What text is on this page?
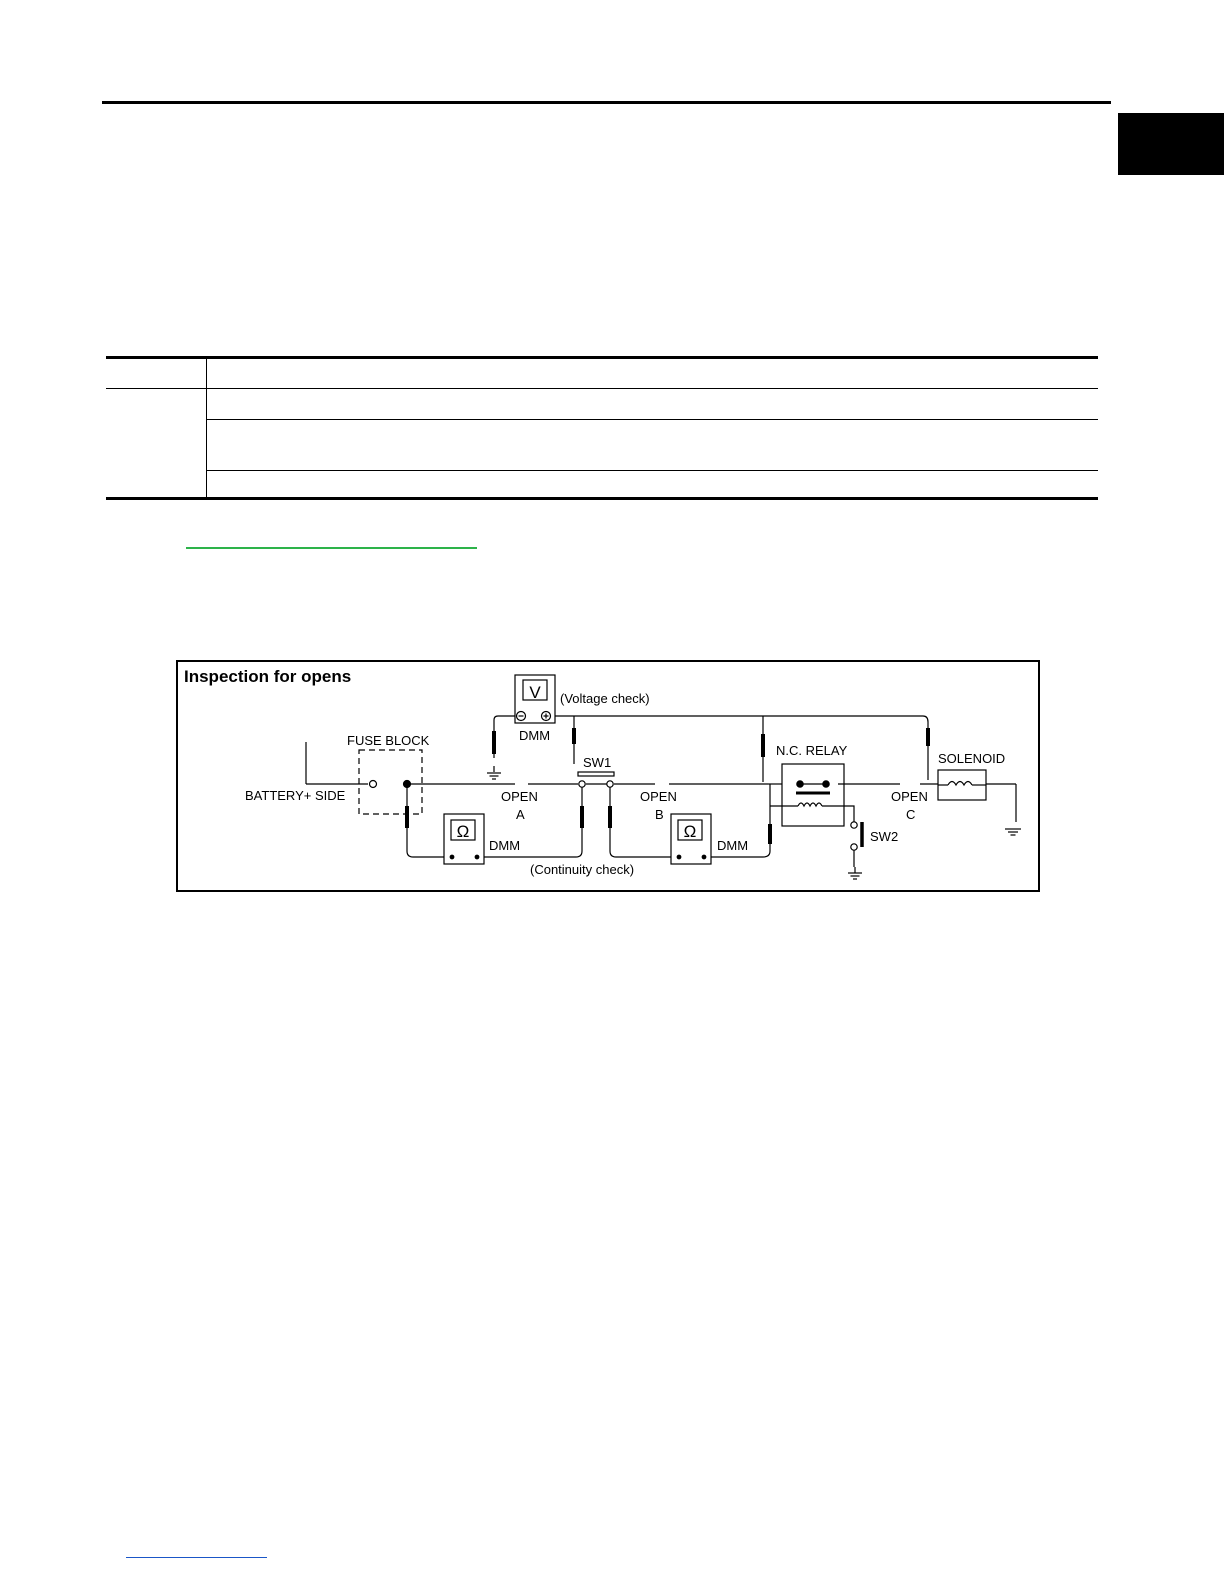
Inspection for opens
V
Ω	Ω
(Voltage check)
DMM
FUSE BLOCK
BATTERY+ SIDE
SW1
N.C. RELAY
SOLENOID
OPEN
A
OPEN
B
OPEN
C
DMM	DMM
(Continuity check)
SW2
